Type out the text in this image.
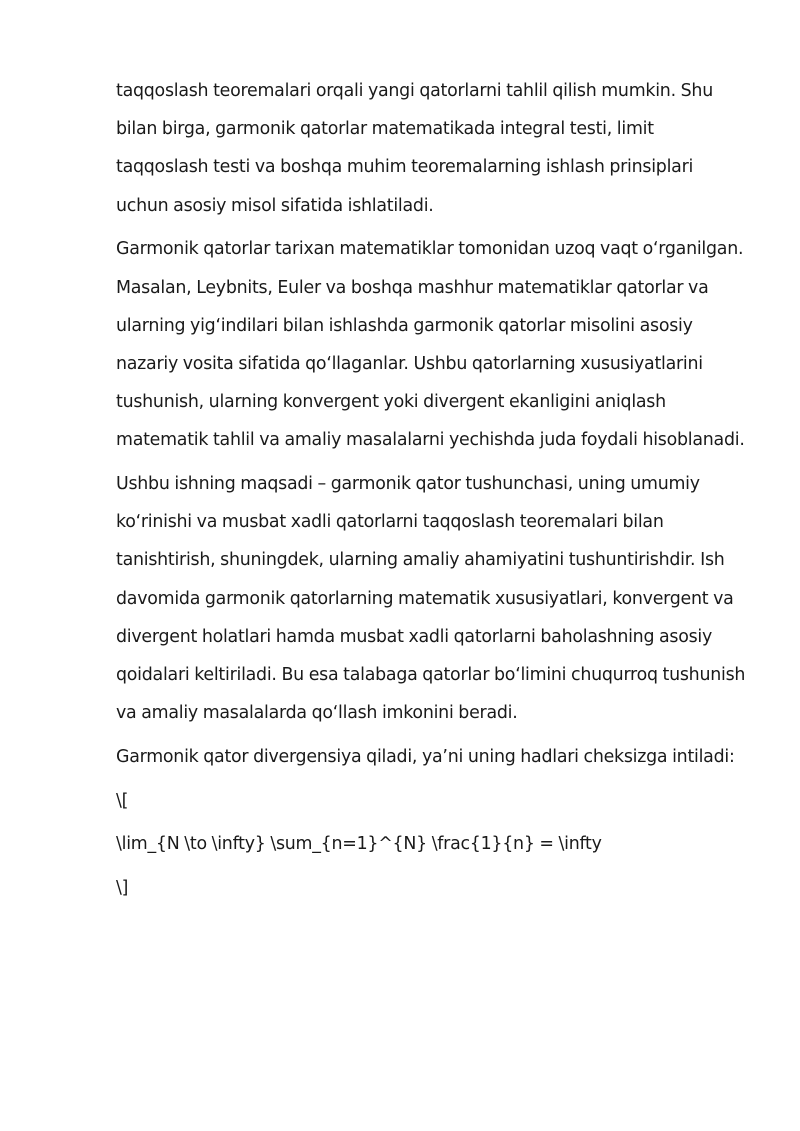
taqqoslash teoremalari orqali yangi qatorlarni tahlil qilish mumkin. Shu bilan birga, garmonik qatorlar matematikada integral testi, limit taqqoslash testi va boshqa muhim teoremalarning ishlash prinsiplari uchun asosiy misol sifatida ishlatiladi.

Garmonik qatorlar tarixan matematiklar tomonidan uzoq vaqt o‘rganilgan. Masalan, Leybnits, Euler va boshqa mashhur matematiklar qatorlar va ularning yig‘indilari bilan ishlashda garmonik qatorlar misolini asosiy nazariy vosita sifatida qo‘llaganlar. Ushbu qatorlarning xususiyatlarini tushunish, ularning konvergent yoki divergent ekanligini aniqlash matematik tahlil va amaliy masalalarni yechishda juda foydali hisoblanadi.

Ushbu ishning maqsadi – garmonik qator tushunchasi, uning umumiy ko‘rinishi va musbat xadli qatorlarni taqqoslash teoremalari bilan tanishtirish, shuningdek, ularning amaliy ahamiyatini tushuntirishdir. Ish davomida garmonik qatorlarning matematik xususiyatlari, konvergent va divergent holatlari hamda musbat xadli qatorlarni baholashning asosiy qoidalari keltiriladi. Bu esa talabaga qatorlar bo‘limini chuqurroq tushunish va amaliy masalalarda qo‘llash imkonini beradi.

Garmonik qator divergensiya qiladi, ya’ni uning hadlari cheksizga intiladi:

\[

\lim_{N \to \infty} \sum_{n=1}^{N} \frac{1}{n} = \infty

\]
